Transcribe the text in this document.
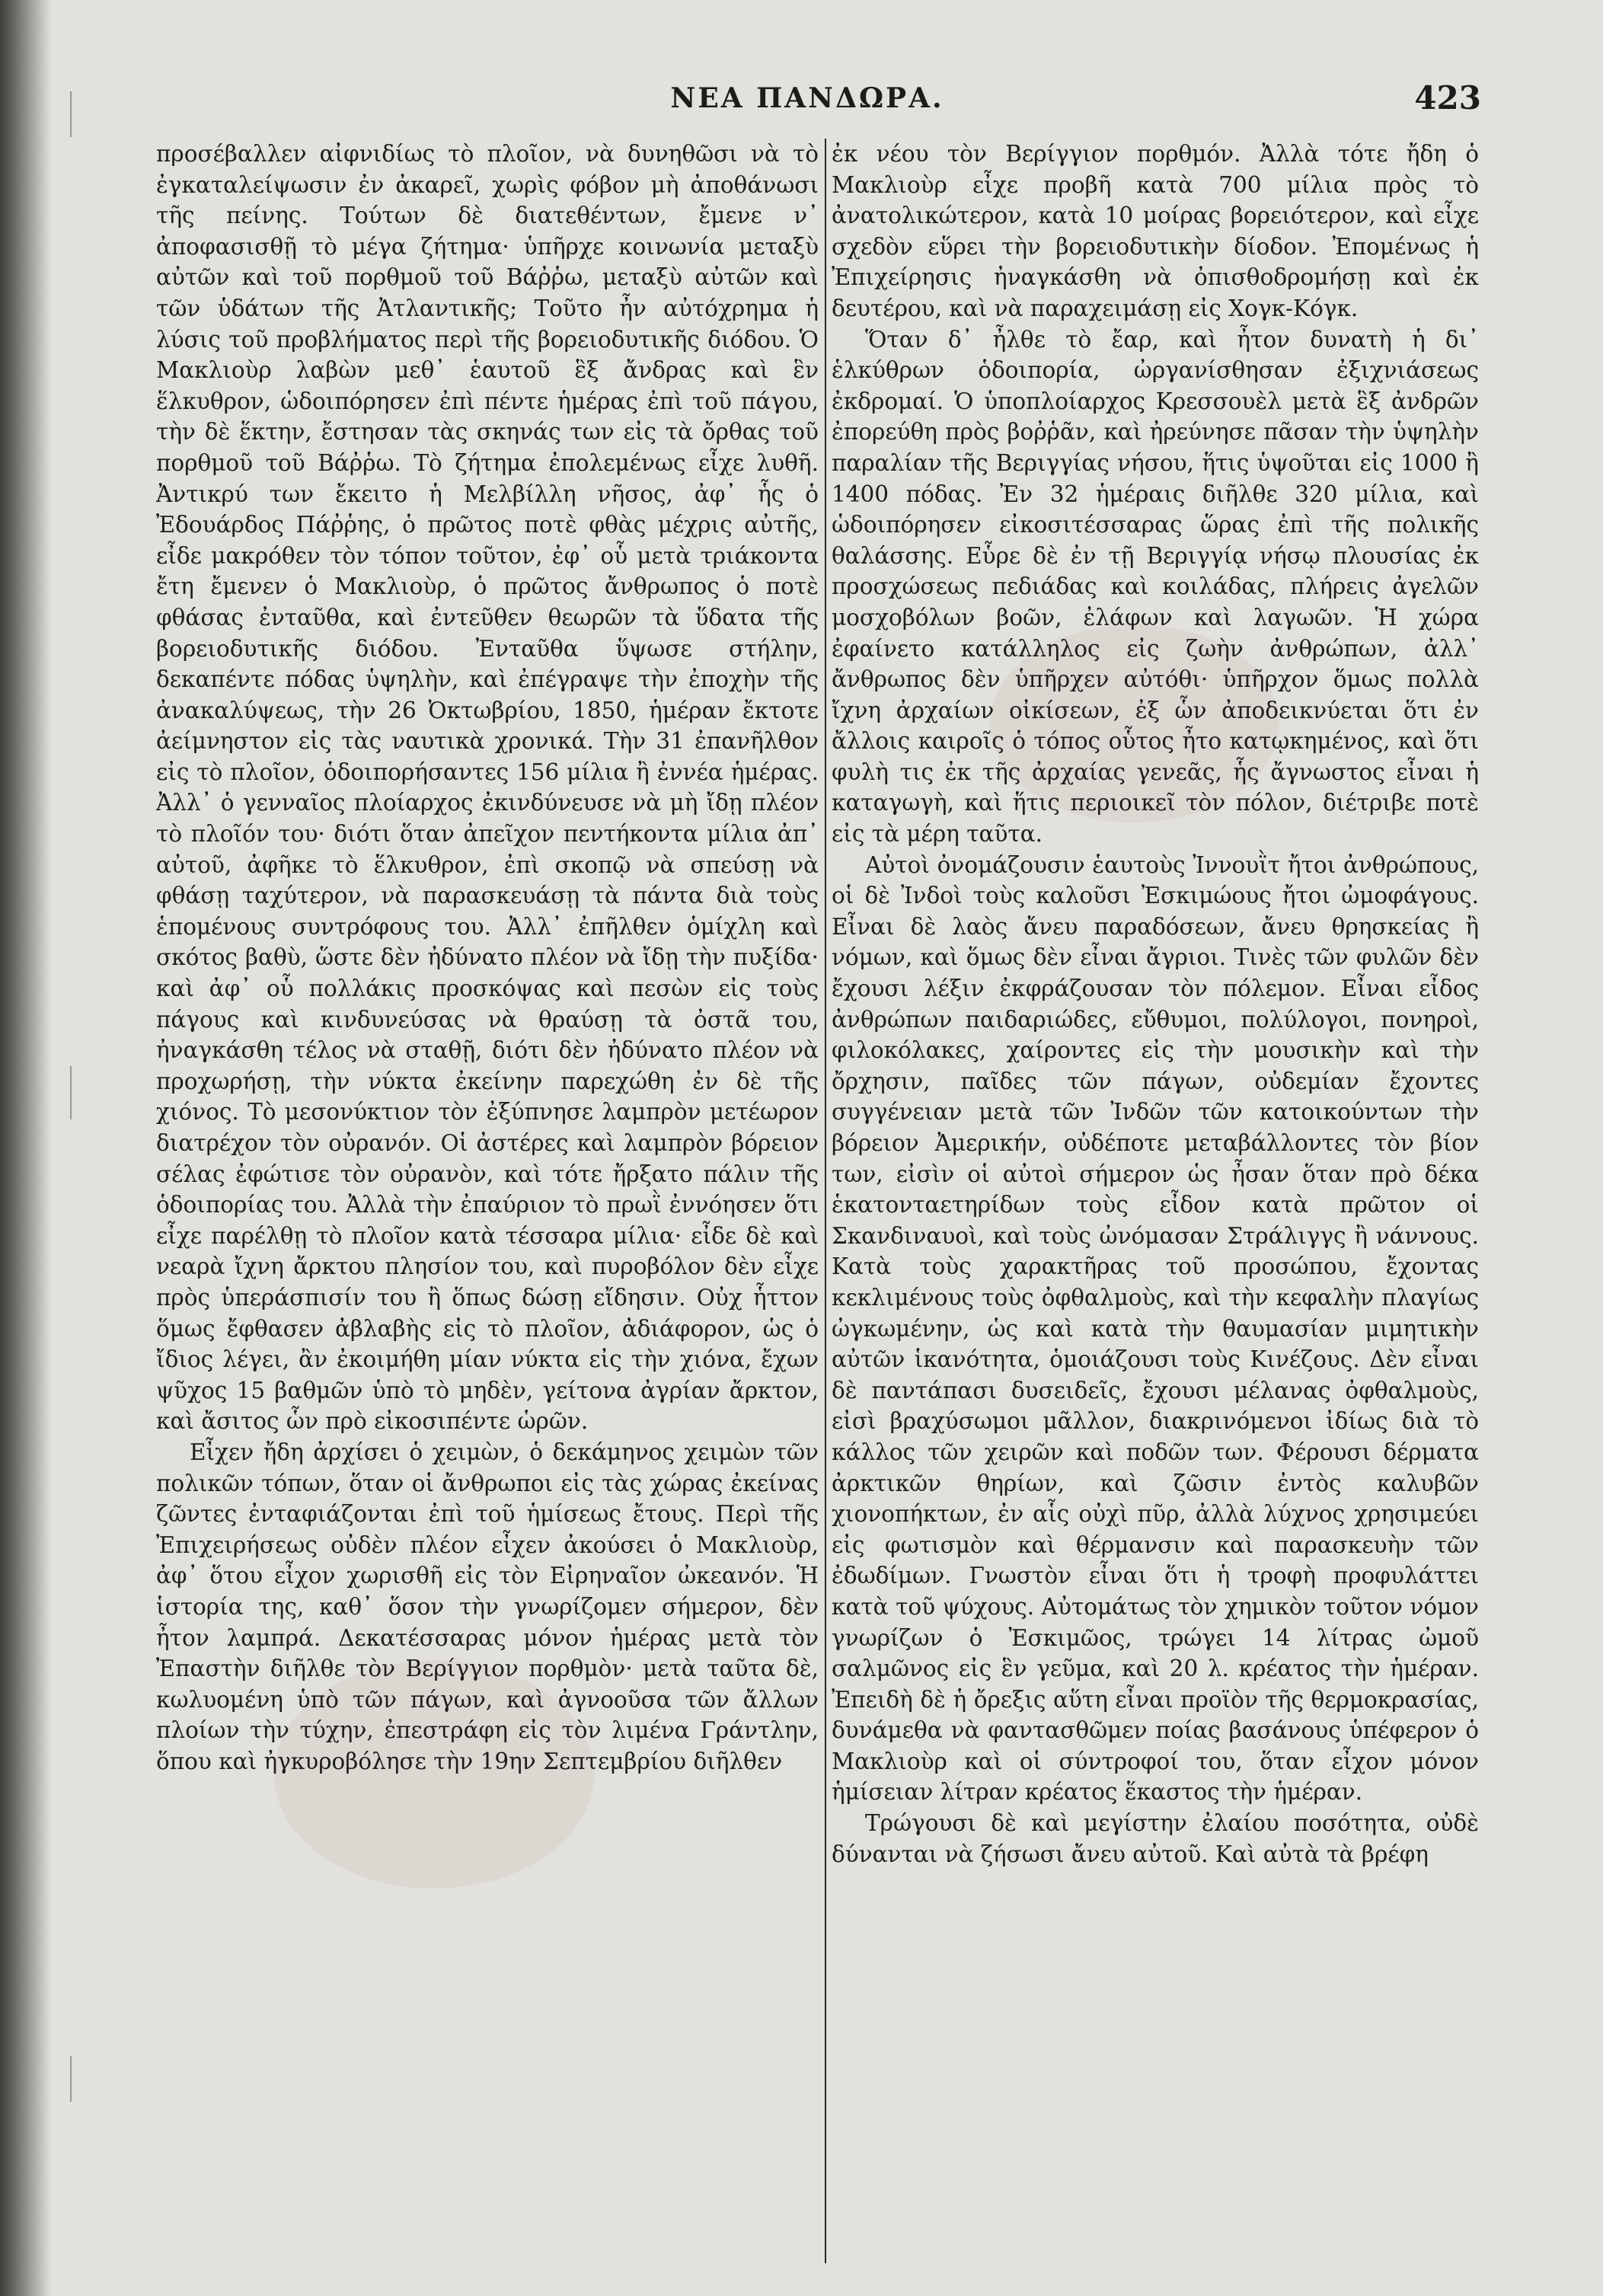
ΝΕΑ ΠΑΝΔΩΡΑ.	423

προσέβαλλεν αἰφνιδίως τὸ πλοῖον, νὰ δυνηθῶσι νὰ τὸ ἐγκαταλείψωσιν ἐν ἀκαρεῖ, χωρὶς φόβον μὴ ἀποθάνωσι τῆς πείνης. Τούτων δὲ διατεθέντων, ἔμενε ν᾽ ἀποφασισθῇ τὸ μέγα ζήτημα· ὑπῆρχε κοινωνία μεταξὺ αὐτῶν καὶ τοῦ πορθμοῦ τοῦ Βάῤῥω, μεταξὺ αὐτῶν καὶ τῶν ὑδάτων τῆς Ἀτλαντικῆς; Τοῦτο ἦν αὐτόχρημα ἡ λύσις τοῦ προβλήματος περὶ τῆς βορειοδυτικῆς διόδου. Ὁ Μακλιοὺρ λαβὼν μεθ᾽ ἑαυτοῦ ἓξ ἄνδρας καὶ ἓν ἕλκυθρον, ὡδοιπόρησεν ἐπὶ πέντε ἡμέρας ἐπὶ τοῦ πάγου, τὴν δὲ ἕκτην, ἔστησαν τὰς σκηνάς των εἰς τὰ ὄρθας τοῦ πορθμοῦ τοῦ Βάῤῥω. Τὸ ζήτημα ἐπολεμένως εἶχε λυθῆ. Ἀντικρύ των ἔκειτο ἡ Μελβίλλη νῆσος, ἀφ᾽ ἧς ὁ Ἐδουάρδος Πάῤῥης, ὁ πρῶτος ποτὲ φθὰς μέχρις αὐτῆς, εἶδε μακρόθεν τὸν τόπον τοῦτον, ἐφ᾽ οὗ μετὰ τριάκοντα ἔτη ἔμενεν ὁ Μακλιοὺρ, ὁ πρῶτος ἄνθρωπος ὁ ποτὲ φθάσας ἐνταῦθα, καὶ ἐντεῦθεν θεωρῶν τὰ ὕδατα τῆς βορειοδυτικῆς διόδου. Ἐνταῦθα ὕψωσε στήλην, δεκαπέντε πόδας ὑψηλὴν, καὶ ἐπέγραψε τὴν ἐποχὴν τῆς ἀνακαλύψεως, τὴν 26 Ὀκτωβρίου, 1850, ἡμέραν ἔκτοτε ἀείμνηστον εἰς τὰς ναυτικὰ χρονικά. Τὴν 31 ἐπανῆλθον εἰς τὸ πλοῖον, ὁδοιπορήσαντες 156 μίλια ἢ ἐννέα ἡμέρας. Ἀλλ᾽ ὁ γενναῖος πλοίαρχος ἐκινδύνευσε νὰ μὴ ἴδῃ πλέον τὸ πλοῖόν του· διότι ὅταν ἀπεῖχον πεντήκοντα μίλια ἀπ᾽ αὐτοῦ, ἀφῆκε τὸ ἕλκυθρον, ἐπὶ σκοπῷ νὰ σπεύσῃ νὰ φθάσῃ ταχύτερον, νὰ παρασκευάσῃ τὰ πάντα διὰ τοὺς ἑπομένους συντρόφους του. Ἀλλ᾽ ἐπῆλθεν ὁμίχλη καὶ σκότος βαθὺ, ὥστε δὲν ἠδύνατο πλέον νὰ ἴδῃ τὴν πυξίδα· καὶ ἀφ᾽ οὗ πολλάκις προσκόψας καὶ πεσὼν εἰς τοὺς πάγους καὶ κινδυνεύσας νὰ θραύσῃ τὰ ὀστᾶ του, ἠναγκάσθη τέλος νὰ σταθῇ, διότι δὲν ἠδύνατο πλέον νὰ προχωρήσῃ, τὴν νύκτα ἐκείνην παρεχώθη ἐν δὲ τῆς χιόνος. Τὸ μεσονύκτιον τὸν ἐξύπνησε λαμπρὸν μετέωρον διατρέχον τὸν οὐρανόν. Οἱ ἀστέρες καὶ λαμπρὸν βόρειον σέλας ἐφώτισε τὸν οὐρανὸν, καὶ τότε ἤρξατο πάλιν τῆς ὁδοιπορίας του. Ἀλλὰ τὴν ἐπαύριον τὸ πρωῒ ἐννόησεν ὅτι εἶχε παρέλθῃ τὸ πλοῖον κατὰ τέσσαρα μίλια· εἶδε δὲ καὶ νεαρὰ ἴχνη ἄρκτου πλησίον του, καὶ πυροβόλον δὲν εἶχε πρὸς ὑπεράσπισίν του ἢ ὅπως δώσῃ εἴδησιν. Οὐχ ἧττον ὅμως ἔφθασεν ἀβλαβὴς εἰς τὸ πλοῖον, ἀδιάφορον, ὡς ὁ ἴδιος λέγει, ἂν ἐκοιμήθη μίαν νύκτα εἰς τὴν χιόνα, ἔχων ψῦχος 15 βαθμῶν ὑπὸ τὸ μηδὲν, γείτονα ἀγρίαν ἄρκτον, καὶ ἄσιτος ὧν πρὸ εἰκοσιπέντε ὡρῶν.

Εἶχεν ἤδη ἀρχίσει ὁ χειμὼν, ὁ δεκάμηνος χειμὼν τῶν πολικῶν τόπων, ὅταν οἱ ἄνθρωποι εἰς τὰς χώρας ἐκείνας ζῶντες ἐνταφιάζονται ἐπὶ τοῦ ἡμίσεως ἔτους. Περὶ τῆς Ἐπιχειρήσεως οὐδὲν πλέον εἶχεν ἀκούσει ὁ Μακλιοὺρ, ἀφ᾽ ὅτου εἶχον χωρισθῆ εἰς τὸν Εἰρηναῖον ὠκεανόν. Ἡ ἱστορία της, καθ᾽ ὅσον τὴν γνωρίζομεν σήμερον, δὲν ἦτον λαμπρά. Δεκατέσσαρας μόνον ἡμέρας μετὰ τὸν Ἐπαστὴν διῆλθε τὸν Βερίγγιον πορθμὸν· μετὰ ταῦτα δὲ, κωλυομένη ὑπὸ τῶν πάγων, καὶ ἀγνοοῦσα τῶν ἄλλων πλοίων τὴν τύχην, ἐπεστράφη εἰς τὸν λιμένα Γράντλην, ὅπου καὶ ἠγκυροβόλησε τὴν 19ην Σεπτεμβρίου διῆλθεν

ἐκ νέου τὸν Βερίγγιον πορθμόν. Ἀλλὰ τότε ἤδη ὁ Μακλιοὺρ εἶχε προβῆ κατὰ 700 μίλια πρὸς τὸ ἀνατολικώτερον, κατὰ 10 μοίρας βορειότερον, καὶ εἶχε σχεδὸν εὕρει τὴν βορειοδυτικὴν δίοδον. Ἐπομένως ἡ Ἐπιχείρησις ἠναγκάσθη νὰ ὀπισθοδρομήσῃ καὶ ἐκ δευτέρου, καὶ νὰ παραχειμάσῃ εἰς Χογκ-Κόγκ.

Ὅταν δ᾽ ἦλθε τὸ ἔαρ, καὶ ἦτον δυνατὴ ἡ δι᾽ ἑλκύθρων ὁδοιπορία, ὠργανίσθησαν ἐξιχνιάσεως ἐκδρομαί. Ὁ ὑποπλοίαρχος Κρεσσουὲλ μετὰ ἓξ ἀνδρῶν ἐπορεύθη πρὸς βοῤῥᾶν, καὶ ἠρεύνησε πᾶσαν τὴν ὑψηλὴν παραλίαν τῆς Βεριγγίας νήσου, ἥτις ὑψοῦται εἰς 1000 ἢ 1400 πόδας. Ἐν 32 ἡμέραις διῆλθε 320 μίλια, καὶ ὡδοιπόρησεν εἰκοσιτέσσαρας ὥρας ἐπὶ τῆς πολικῆς θαλάσσης. Εὗρε δὲ ἐν τῇ Βεριγγίᾳ νήσῳ πλουσίας ἐκ προσχώσεως πεδιάδας καὶ κοιλάδας, πλήρεις ἀγελῶν μοσχοβόλων βοῶν, ἐλάφων καὶ λαγωῶν. Ἡ χώρα ἐφαίνετο κατάλληλος εἰς ζωὴν ἀνθρώπων, ἀλλ᾽ ἄνθρωπος δὲν ὑπῆρχεν αὐτόθι· ὑπῆρχον ὅμως πολλὰ ἴχνη ἀρχαίων οἰκίσεων, ἐξ ὧν ἀποδεικνύεται ὅτι ἐν ἄλλοις καιροῖς ὁ τόπος οὗτος ἦτο κατῳκημένος, καὶ ὅτι φυλὴ τις ἐκ τῆς ἀρχαίας γενεᾶς, ἧς ἄγνωστος εἶναι ἡ καταγωγὴ, καὶ ἥτις περιοικεῖ τὸν πόλον, διέτριβε ποτὲ εἰς τὰ μέρη ταῦτα.

Αὐτοὶ ὀνομάζουσιν ἑαυτοὺς Ἰννουῒτ ἤτοι ἀνθρώπους, οἱ δὲ Ἰνδοὶ τοὺς καλοῦσι Ἐσκιμώους ἤτοι ὠμοφάγους. Εἶναι δὲ λαὸς ἄνευ παραδόσεων, ἄνευ θρησκείας ἢ νόμων, καὶ ὅμως δὲν εἶναι ἄγριοι. Τινὲς τῶν φυλῶν δὲν ἔχουσι λέξιν ἐκφράζουσαν τὸν πόλεμον. Εἶναι εἶδος ἀνθρώπων παιδαριώδες, εὔθυμοι, πολύλογοι, πονηροὶ, φιλοκόλακες, χαίροντες εἰς τὴν μουσικὴν καὶ τὴν ὄρχησιν, παῖδες τῶν πάγων, οὐδεμίαν ἔχοντες συγγένειαν μετὰ τῶν Ἰνδῶν τῶν κατοικούντων τὴν βόρειον Ἀμερικήν, οὐδέποτε μεταβάλλοντες τὸν βίον των, εἰσὶν οἱ αὐτοὶ σήμερον ὡς ἦσαν ὅταν πρὸ δέκα ἑκατονταετηρίδων τοὺς εἶδον κατὰ πρῶτον οἱ Σκανδιναυοὶ, καὶ τοὺς ὠνόμασαν Στράλιγγς ἢ νάννους. Κατὰ τοὺς χαρακτῆρας τοῦ προσώπου, ἔχοντας κεκλιμένους τοὺς ὀφθαλμοὺς, καὶ τὴν κεφαλὴν πλαγίως ὠγκωμένην, ὡς καὶ κατὰ τὴν θαυμασίαν μιμητικὴν αὐτῶν ἱκανότητα, ὁμοιάζουσι τοὺς Κινέζους. Δὲν εἶναι δὲ παντάπασι δυσειδεῖς, ἔχουσι μέλανας ὀφθαλμοὺς, εἰσὶ βραχύσωμοι μᾶλλον, διακρινόμενοι ἰδίως διὰ τὸ κάλλος τῶν χειρῶν καὶ ποδῶν των. Φέρουσι δέρματα ἀρκτικῶν θηρίων, καὶ ζῶσιν ἐντὸς καλυβῶν χιονοπήκτων, ἐν αἷς οὐχὶ πῦρ, ἀλλὰ λύχνος χρησιμεύει εἰς φωτισμὸν καὶ θέρμανσιν καὶ παρασκευὴν τῶν ἐδωδίμων. Γνωστὸν εἶναι ὅτι ἡ τροφὴ προφυλάττει κατὰ τοῦ ψύχους. Αὐτομάτως τὸν χημικὸν τοῦτον νόμον γνωρίζων ὁ Ἐσκιμῶος, τρώγει 14 λίτρας ὠμοῦ σαλμῶνος εἰς ἓν γεῦμα, καὶ 20 λ. κρέατος τὴν ἡμέραν. Ἐπειδὴ δὲ ἡ ὄρεξις αὕτη εἶναι προϊὸν τῆς θερμοκρασίας, δυνάμεθα νὰ φαντασθῶμεν ποίας βασάνους ὑπέφερον ὁ Μακλιοὺρ καὶ οἱ σύντροφοί του, ὅταν εἶχον μόνον ἡμίσειαν λίτραν κρέατος ἕκαστος τὴν ἡμέραν.

Τρώγουσι δὲ καὶ μεγίστην ἐλαίου ποσότητα, οὐδὲ δύνανται νὰ ζήσωσι ἄνευ αὐτοῦ. Καὶ αὐτὰ τὰ βρέφη
